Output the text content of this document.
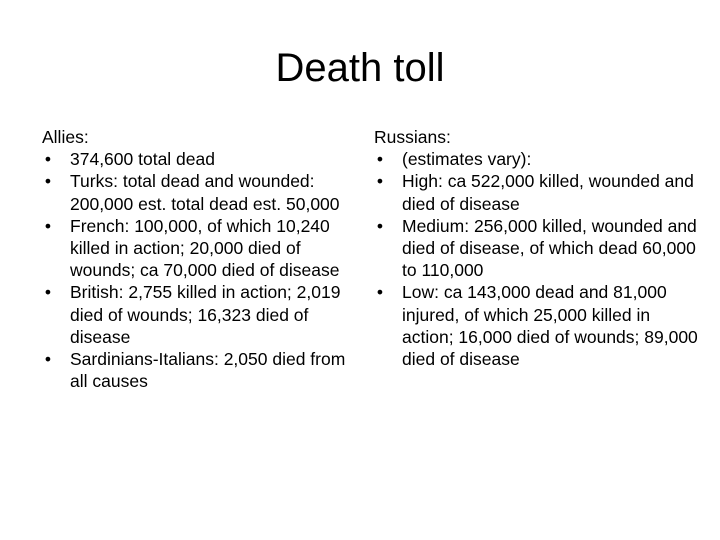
Death toll
Allies:
• 374,600 total dead
• Turks: total dead and wounded: 200,000 est. total dead est. 50,000
• French: 100,000, of which 10,240 killed in action; 20,000 died of wounds; ca 70,000 died of disease
• British: 2,755 killed in action; 2,019 died of wounds; 16,323 died of disease
• Sardinians-Italians: 2,050 died from all causes
Russians:
• (estimates vary):
• High: ca 522,000 killed, wounded and died of disease
• Medium: 256,000 killed, wounded and died of disease, of which dead 60,000 to 110,000
• Low: ca 143,000 dead and 81,000 injured, of which 25,000 killed in action; 16,000 died of wounds; 89,000 died of disease
